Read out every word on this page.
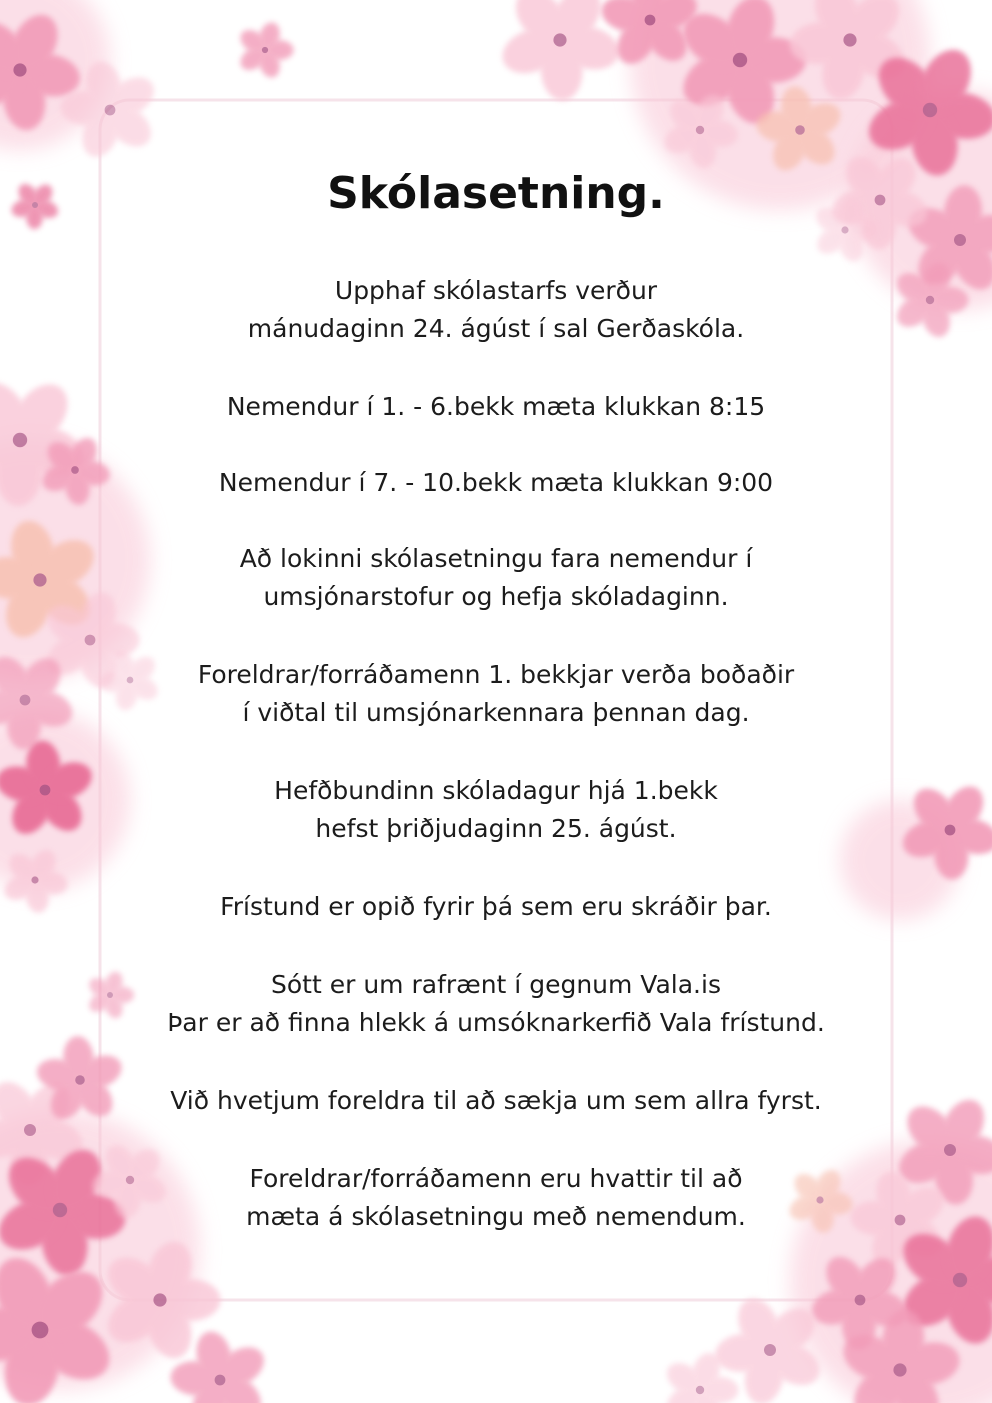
Skólasetning.
Upphaf skólastarfs verður
mánudaginn 24. ágúst í sal Gerðaskóla.
Nemendur í 1. - 6.bekk mæta klukkan 8:15
Nemendur í 7. - 10.bekk mæta klukkan 9:00
Að lokinni skólasetningu fara nemendur í
umsjónarstofur og hefja skóladaginn.
Foreldrar/forráðamenn 1. bekkjar verða boðaðir
í viðtal til umsjónarkennara þennan dag.
Hefðbundinn skóladagur hjá 1.bekk
hefst þriðjudaginn 25. ágúst.
Frístund er opið fyrir þá sem eru skráðir þar.
Sótt er um rafrænt í gegnum Vala.is
Þar er að finna hlekk á umsóknarkerfið Vala frístund.
Við hvetjum foreldra til að sækja um sem allra fyrst.
Foreldrar/forráðamenn eru hvattir til að
mæta á skólasetningu með nemendum.
